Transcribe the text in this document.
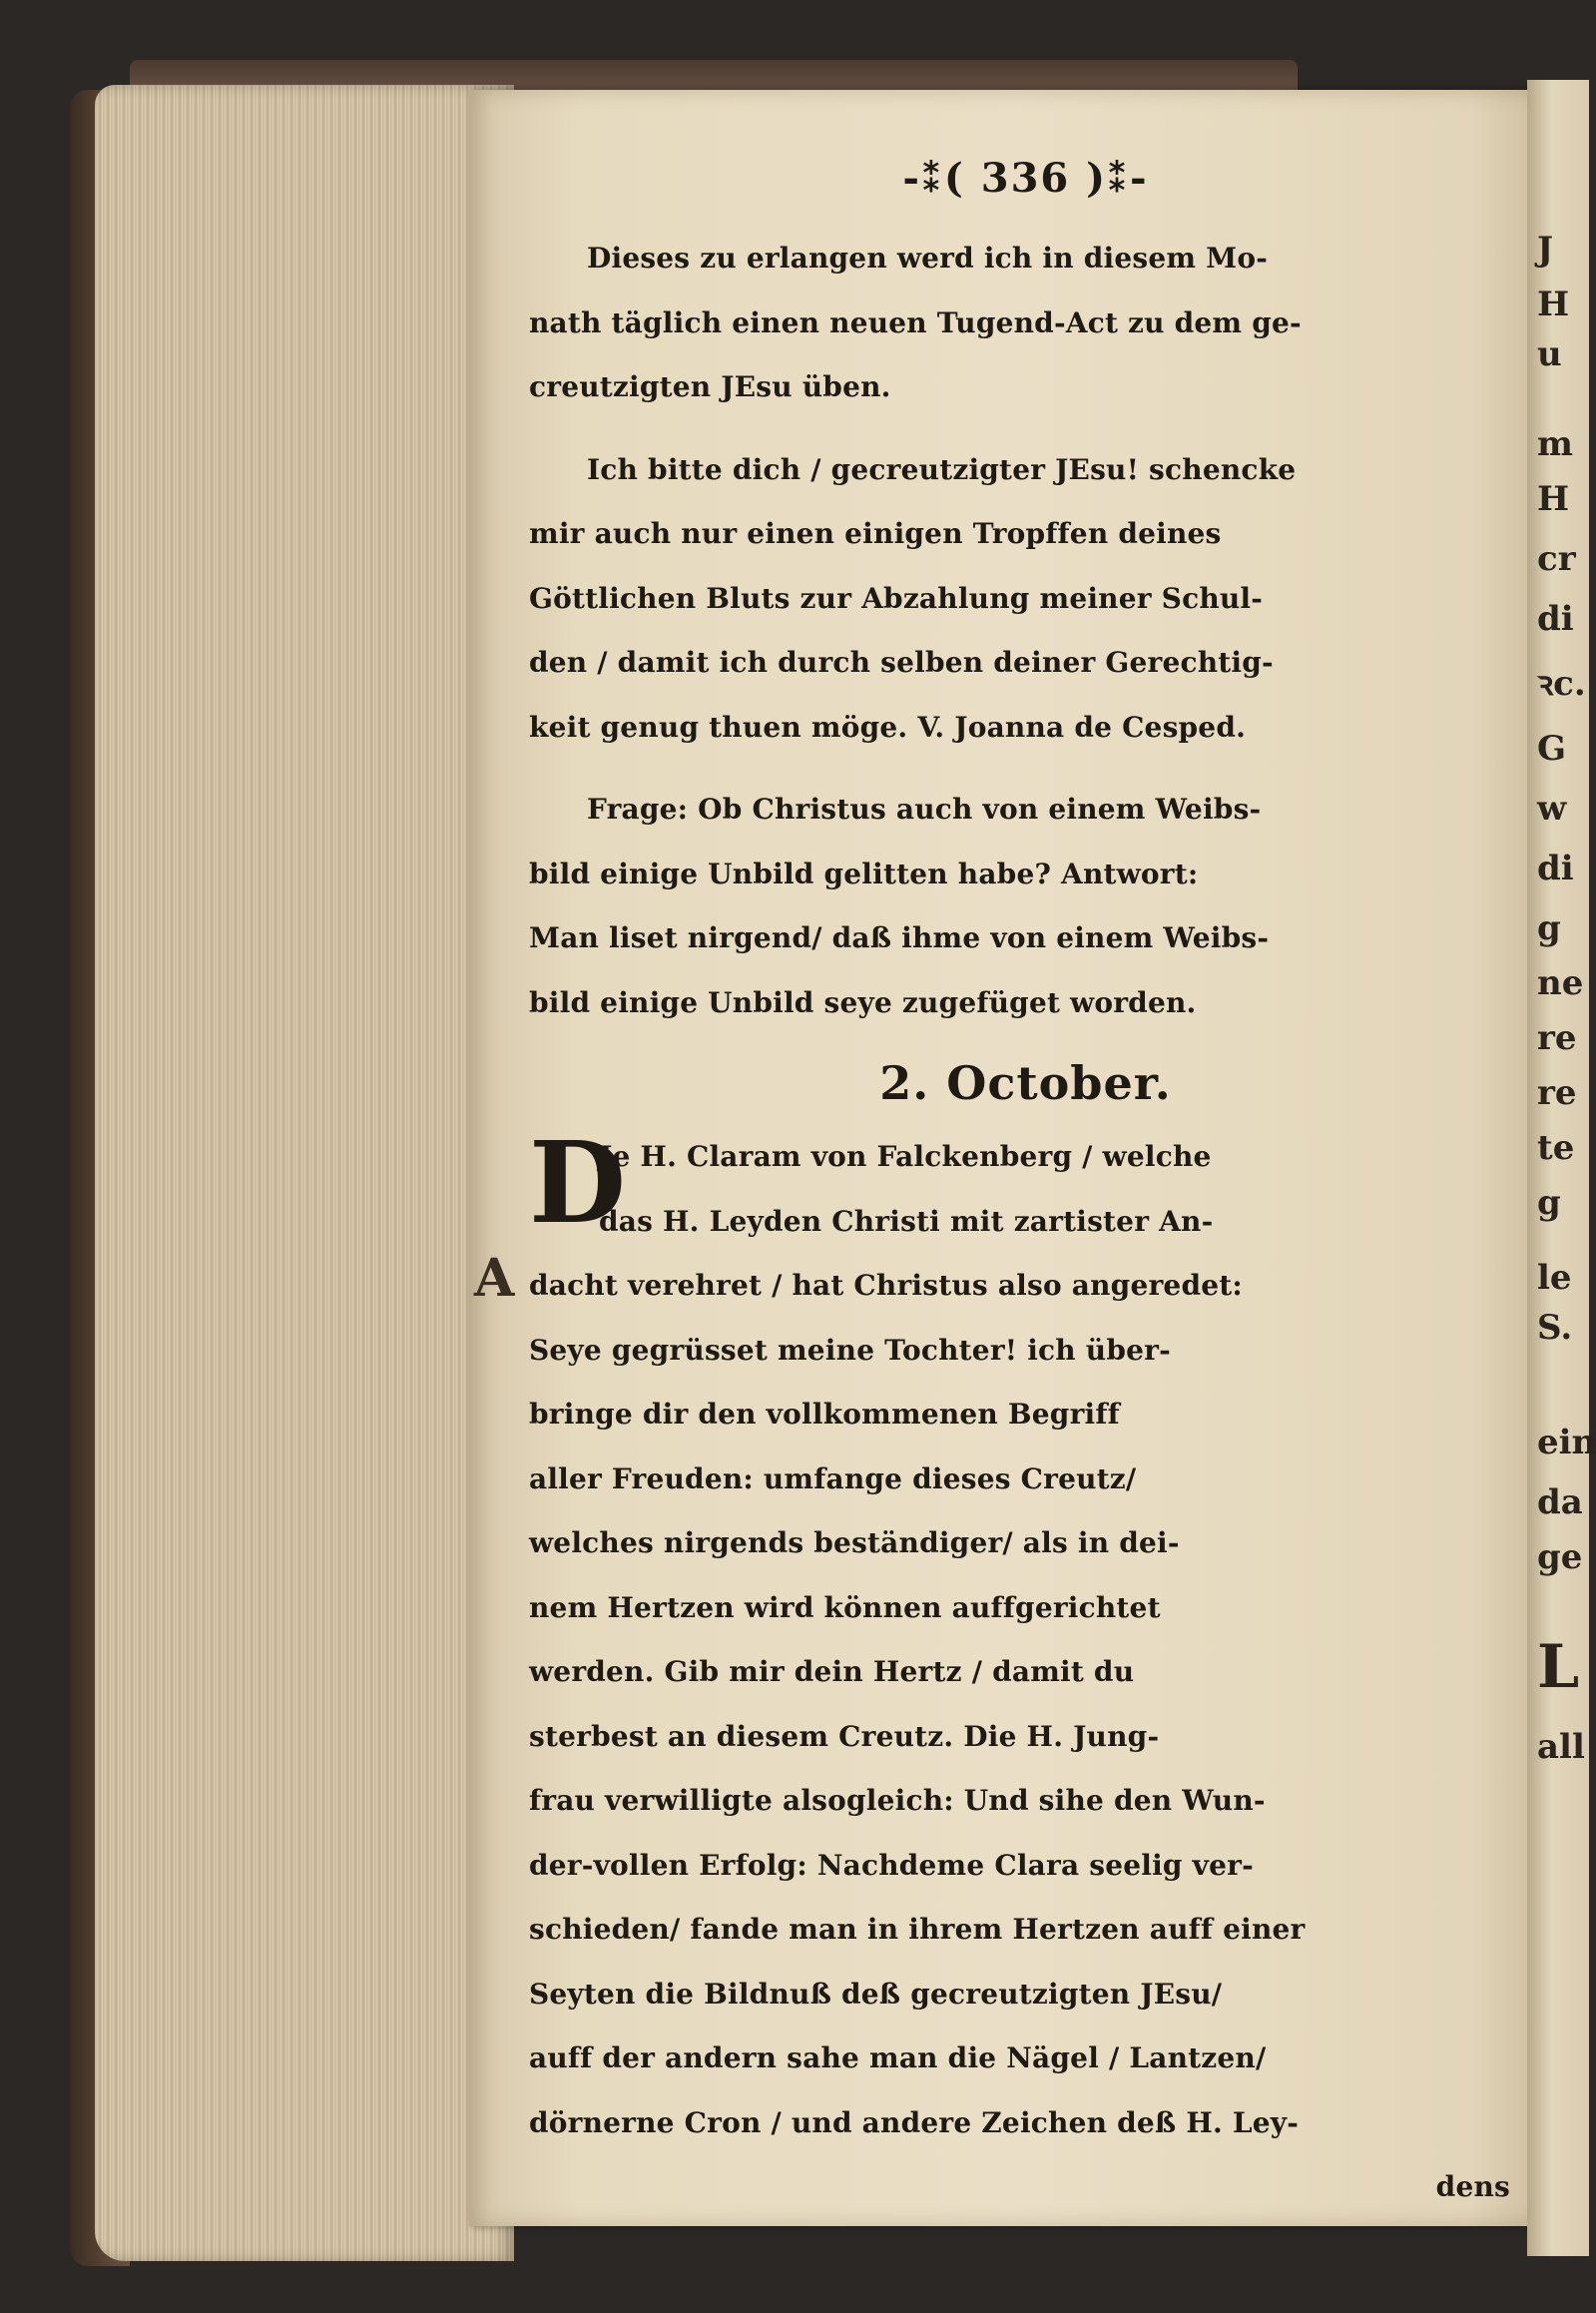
J
H
u
m
H
cr
di
ꝛc.
G
w
di
g
ne
re
re
te
g
le
S.
ein
da
ge
L
all
A
-⁑( 336 )⁑-
Dieses zu erlangen werd ich in diesem Mo-
nath täglich einen neuen Tugend-Act zu dem ge-
creutzigten JEsu üben.
Ich bitte dich / gecreutzigter JEsu! schencke
mir auch nur einen einigen Tropffen deines
Göttlichen Bluts zur Abzahlung meiner Schul-
den / damit ich durch selben deiner Gerechtig-
keit genug thuen möge. V. Joanna de Cesped.
Frage: Ob Christus auch von einem Weibs-
bild einige Unbild gelitten habe? Antwort:
Man liset nirgend/ daß ihme von einem Weibs-
bild einige Unbild seye zugefüget worden.
2. October.
D
Je H. Claram von Falckenberg / welche
das H. Leyden Christi mit zartister An-
dacht verehret / hat Christus also angeredet:
Seye gegrüsset meine Tochter! ich über-
bringe dir den vollkommenen Begriff
aller Freuden: umfange dieses Creutz/
welches nirgends beständiger/ als in dei-
nem Hertzen wird können auffgerichtet
werden. Gib mir dein Hertz / damit du
sterbest an diesem Creutz. Die H. Jung-
frau verwilligte alsogleich: Und sihe den Wun-
der-vollen Erfolg: Nachdeme Clara seelig ver-
schieden/ fande man in ihrem Hertzen auff einer
Seyten die Bildnuß deß gecreutzigten JEsu/
auff der andern sahe man die Nägel / Lantzen/
dörnerne Cron / und andere Zeichen deß H. Ley-
dens
